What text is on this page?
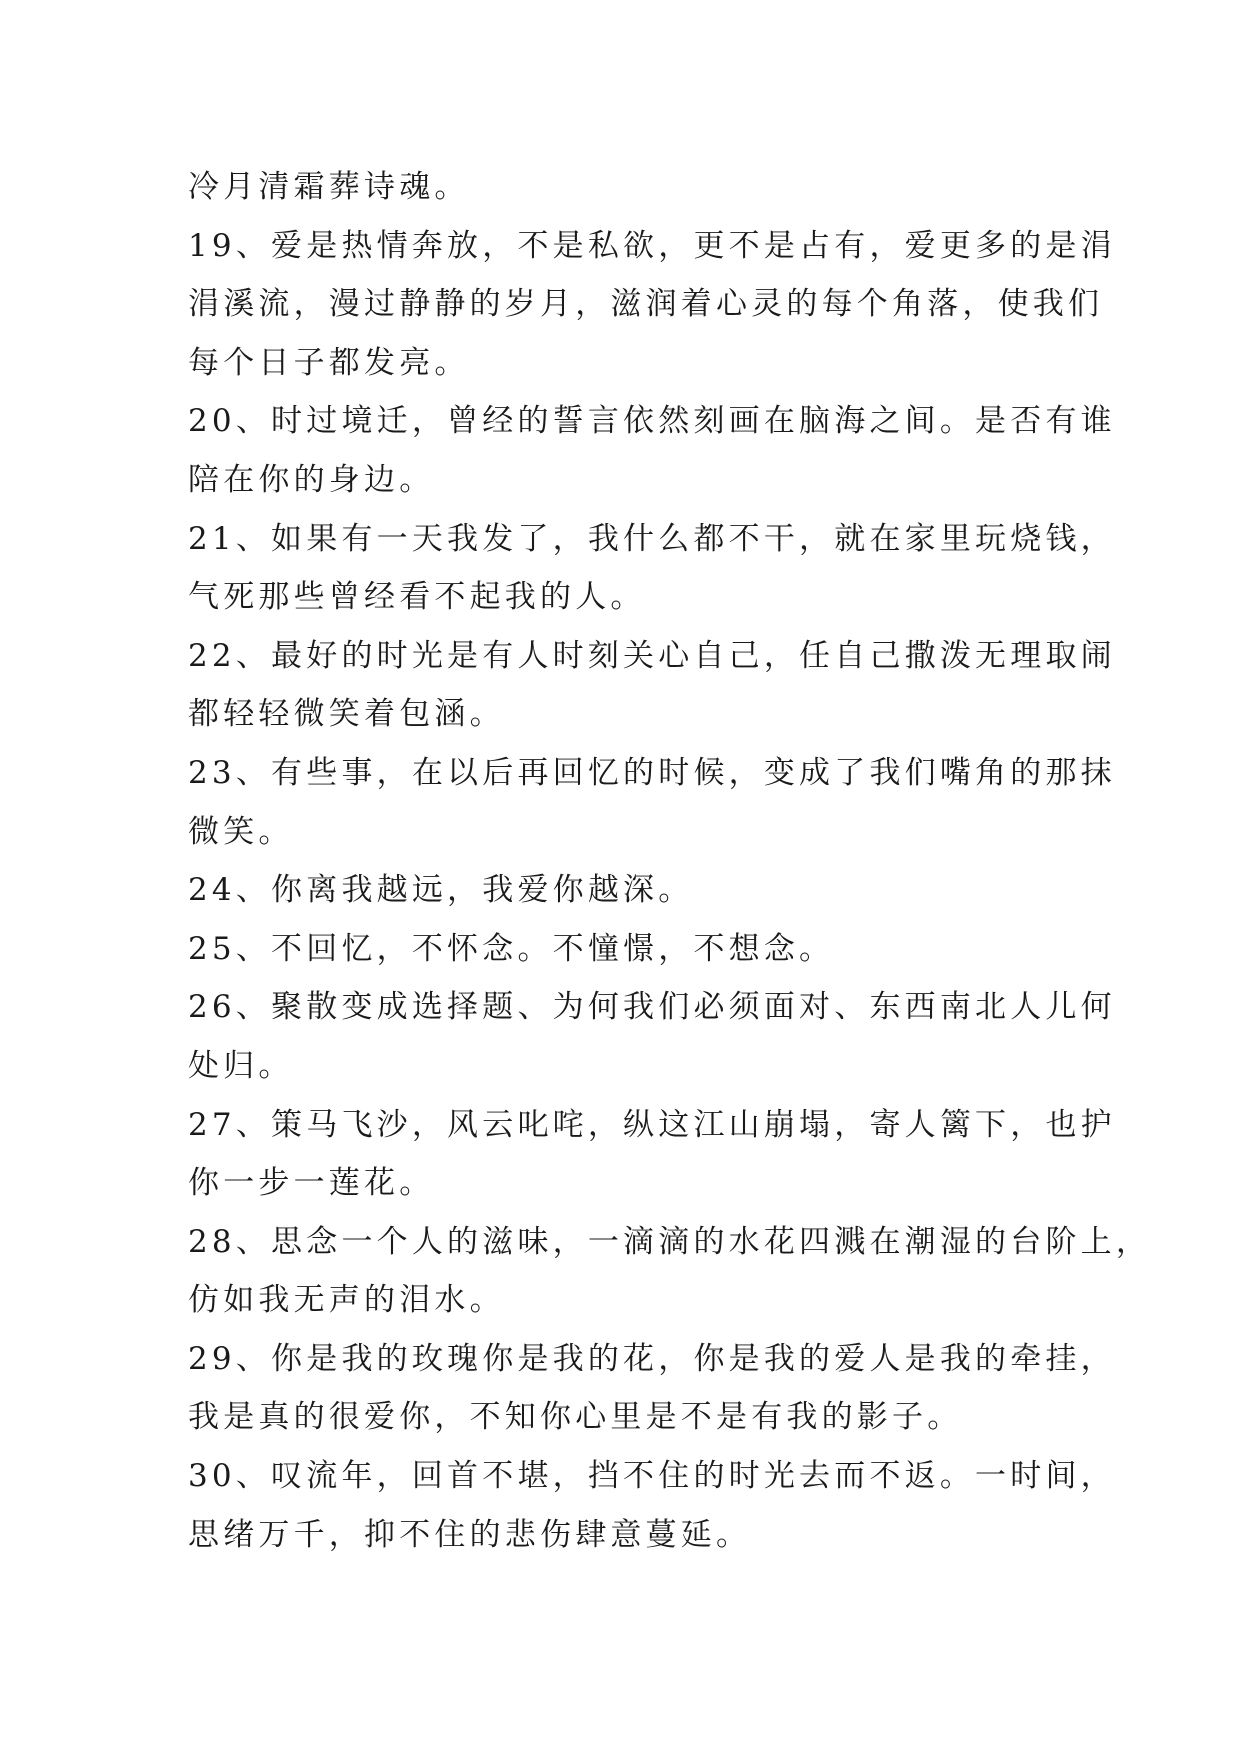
冷月清霜葬诗魂。
19、爱是热情奔放，不是私欲，更不是占有，爱更多的是涓
涓溪流，漫过静静的岁月，滋润着心灵的每个角落，使我们
每个日子都发亮。
20、时过境迁，曾经的誓言依然刻画在脑海之间。是否有谁
陪在你的身边。
21、如果有一天我发了，我什么都不干，就在家里玩烧钱，
气死那些曾经看不起我的人。
22、最好的时光是有人时刻关心自己，任自己撒泼无理取闹
都轻轻微笑着包涵。
23、有些事，在以后再回忆的时候，变成了我们嘴角的那抹
微笑。
24、你离我越远，我爱你越深。
25、不回忆，不怀念。不憧憬，不想念。
26、聚散变成选择题、为何我们必须面对、东西南北人儿何
处归。
27、策马飞沙，风云叱咤，纵这江山崩塌，寄人篱下，也护
你一步一莲花。
28、思念一个人的滋味，一滴滴的水花四溅在潮湿的台阶上，
仿如我无声的泪水。
29、你是我的玫瑰你是我的花，你是我的爱人是我的牵挂，
我是真的很爱你，不知你心里是不是有我的影子。
30、叹流年，回首不堪，挡不住的时光去而不返。一时间，
思绪万千，抑不住的悲伤肆意蔓延。
